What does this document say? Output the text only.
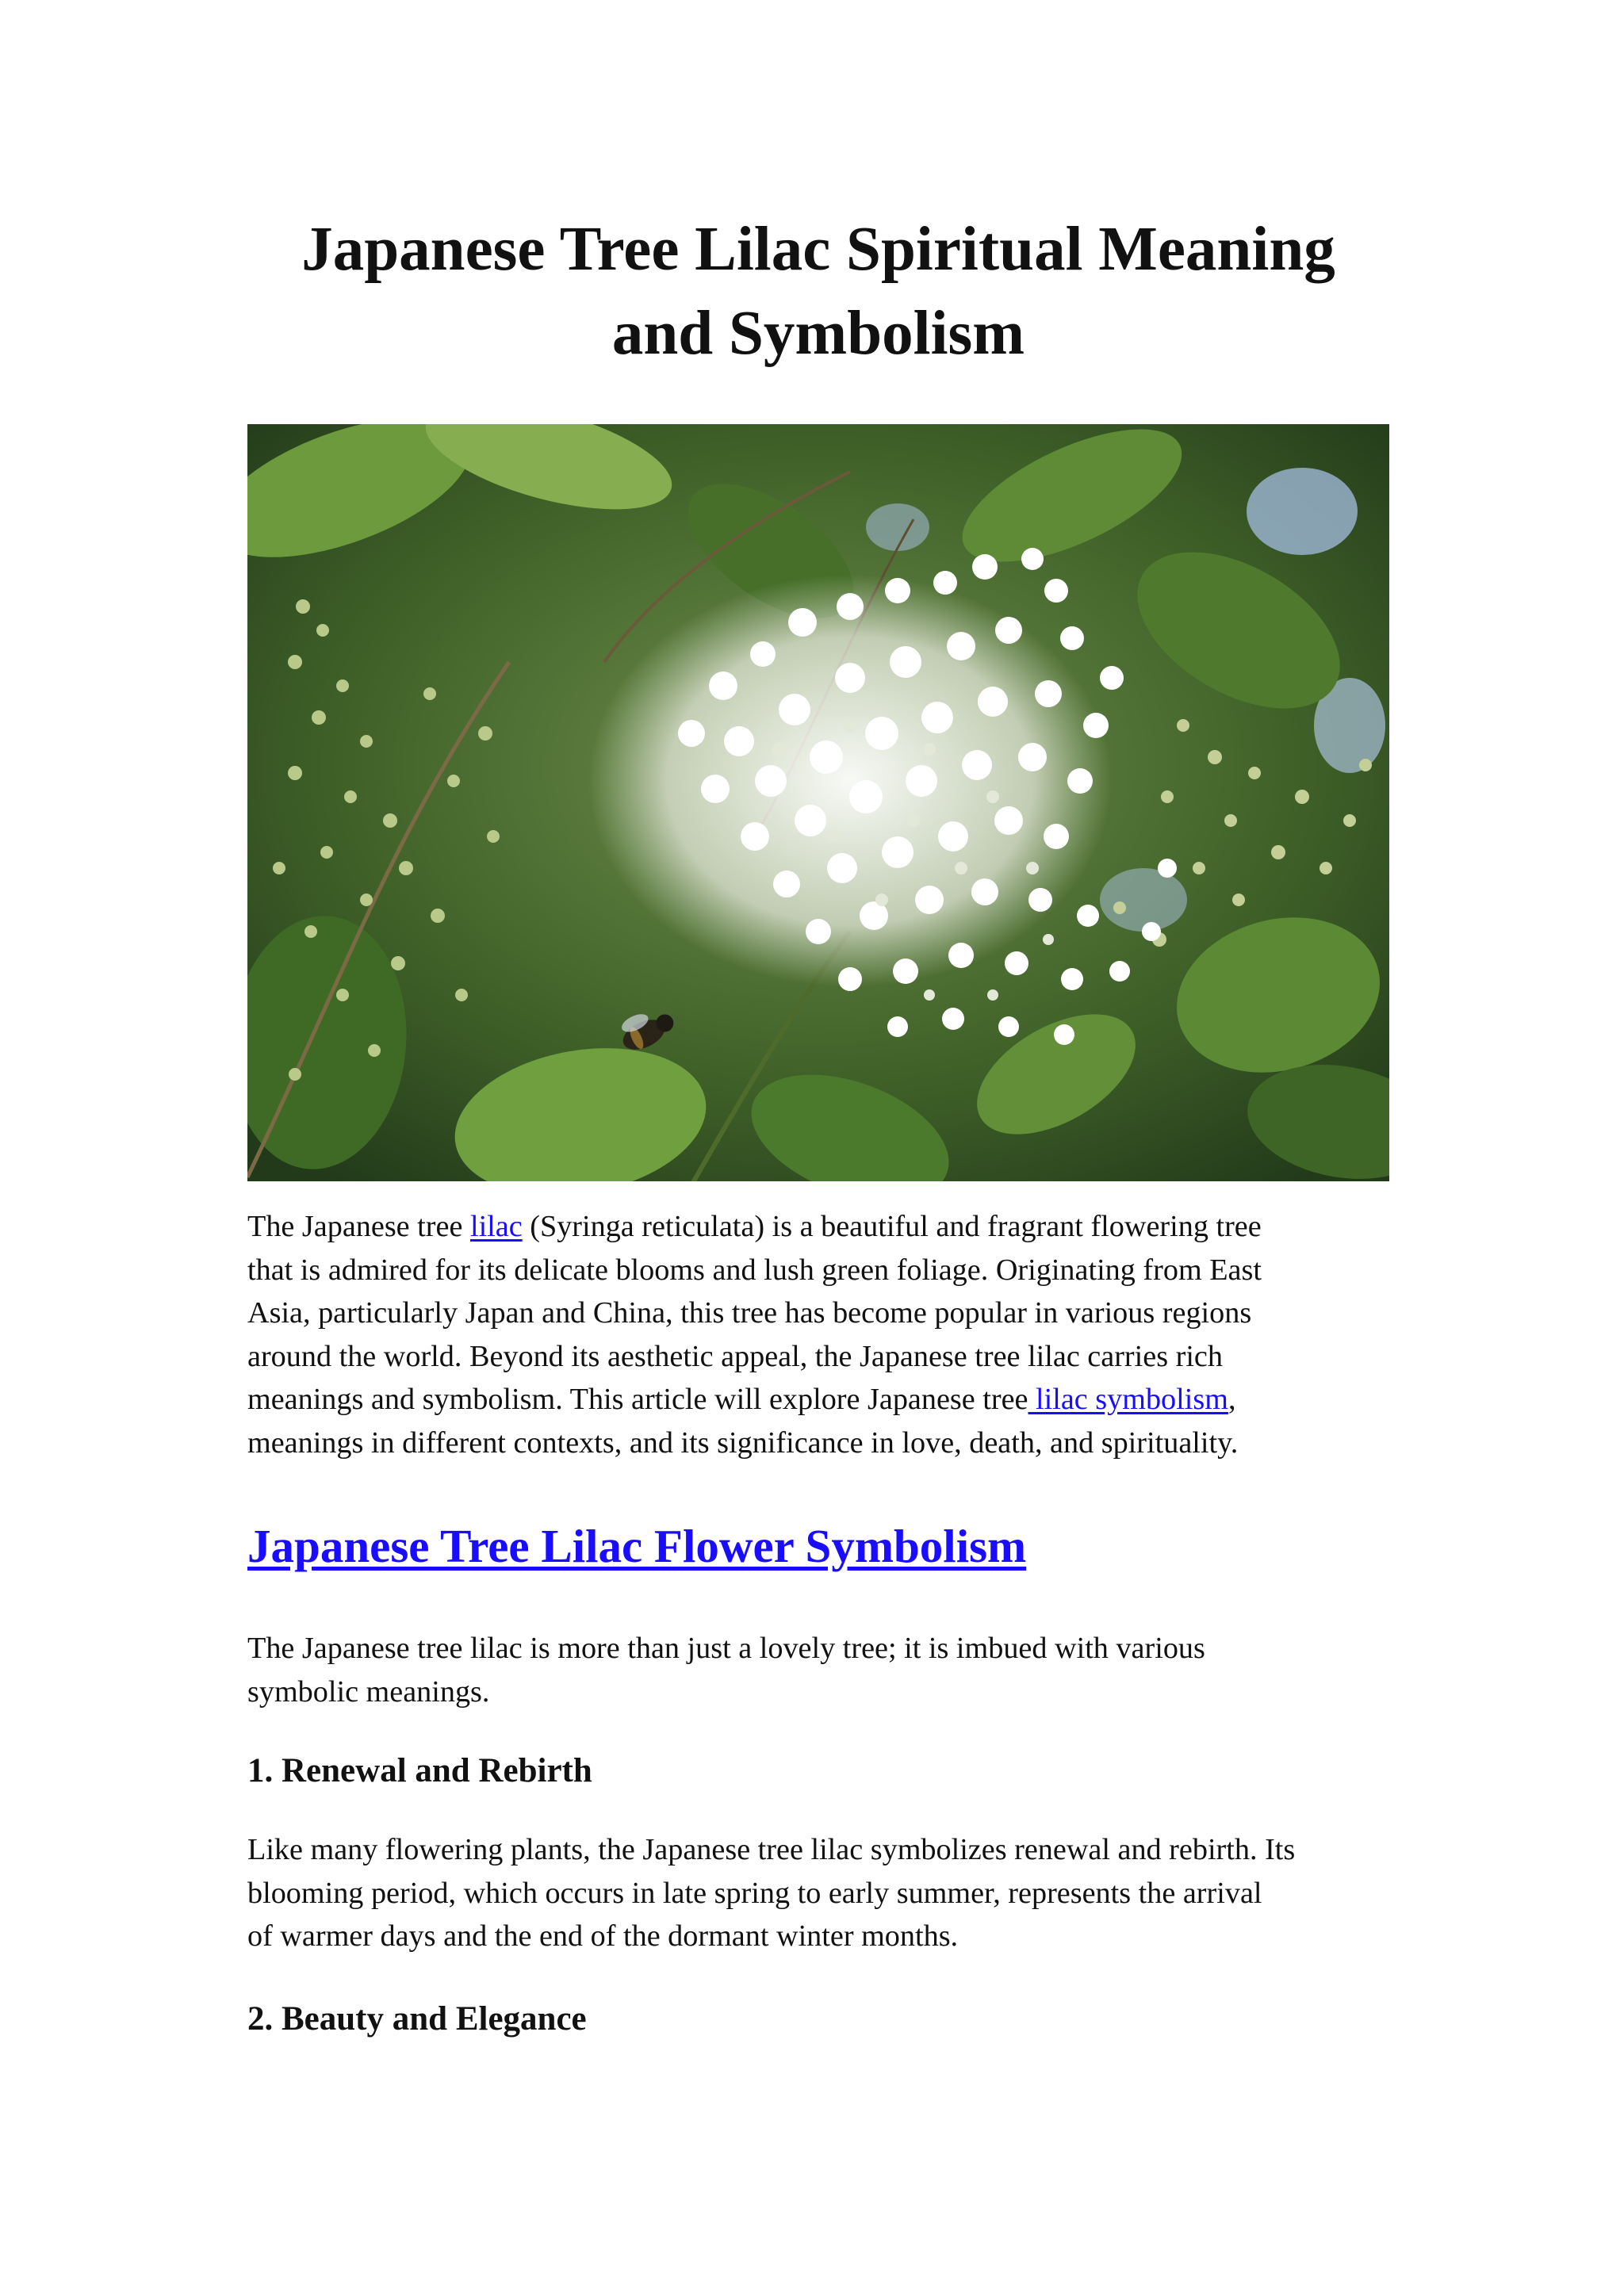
Japanese Tree Lilac Spiritual Meaning
and Symbolism

The Japanese tree lilac (Syringa reticulata) is a beautiful and fragrant flowering tree
that is admired for its delicate blooms and lush green foliage. Originating from East
Asia, particularly Japan and China, this tree has become popular in various regions
around the world. Beyond its aesthetic appeal, the Japanese tree lilac carries rich
meanings and symbolism. This article will explore Japanese tree lilac symbolism,
meanings in different contexts, and its significance in love, death, and spirituality.

Japanese Tree Lilac Flower Symbolism

The Japanese tree lilac is more than just a lovely tree; it is imbued with various
symbolic meanings.

1. Renewal and Rebirth

Like many flowering plants, the Japanese tree lilac symbolizes renewal and rebirth. Its
blooming period, which occurs in late spring to early summer, represents the arrival
of warmer days and the end of the dormant winter months.

2. Beauty and Elegance
